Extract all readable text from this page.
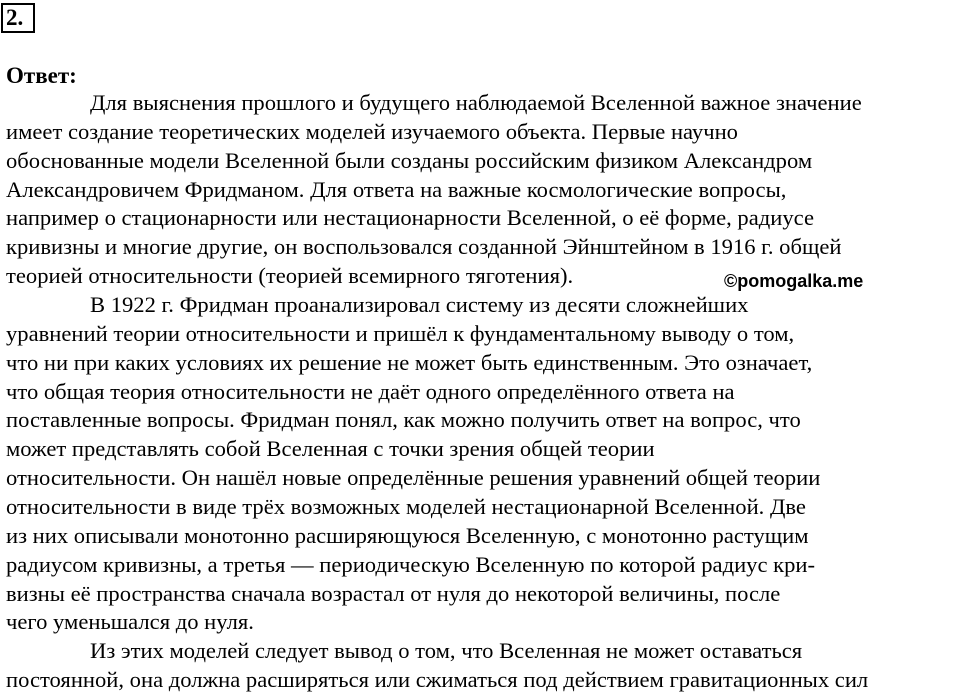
2.
Ответ:
Для выяснения прошлого и будущего наблюдаемой Вселенной важное значение
имеет создание теоретических моделей изучаемого объекта. Первые научно
обоснованные модели Вселенной были созданы российским физиком Александром
Александровичем Фридманом. Для ответа на важные космологические вопросы,
например о стационарности или нестационарности Вселенной, о её форме, радиусе
кривизны и многие другие, он воспользовался созданной Эйнштейном в 1916 г. общей
теорией относительности (теорией всемирного тяготения).
В 1922 г. Фридман проанализировал систему из десяти сложнейших
уравнений теории относительности и пришёл к фундаментальному выводу о том,
что ни при каких условиях их решение не может быть единственным. Это означает,
что общая теория относительности не даёт одного определённого ответа на
поставленные вопросы. Фридман понял, как можно получить ответ на вопрос, что
может представлять собой Вселенная с точки зрения общей теории
относительности. Он нашёл новые определённые решения уравнений общей теории
относительности в виде трёх возможных моделей нестационарной Вселенной. Две
из них описывали монотонно расширяющуюся Вселенную, с монотонно растущим
радиусом кривизны, а третья — периодическую Вселенную по которой радиус кри-
визны её пространства сначала возрастал от нуля до некоторой величины, после
чего уменьшался до нуля.
Из этих моделей следует вывод о том, что Вселенная не может оставаться
постоянной, она должна расширяться или сжиматься под действием гравитационных сил
©pomogalka.me
